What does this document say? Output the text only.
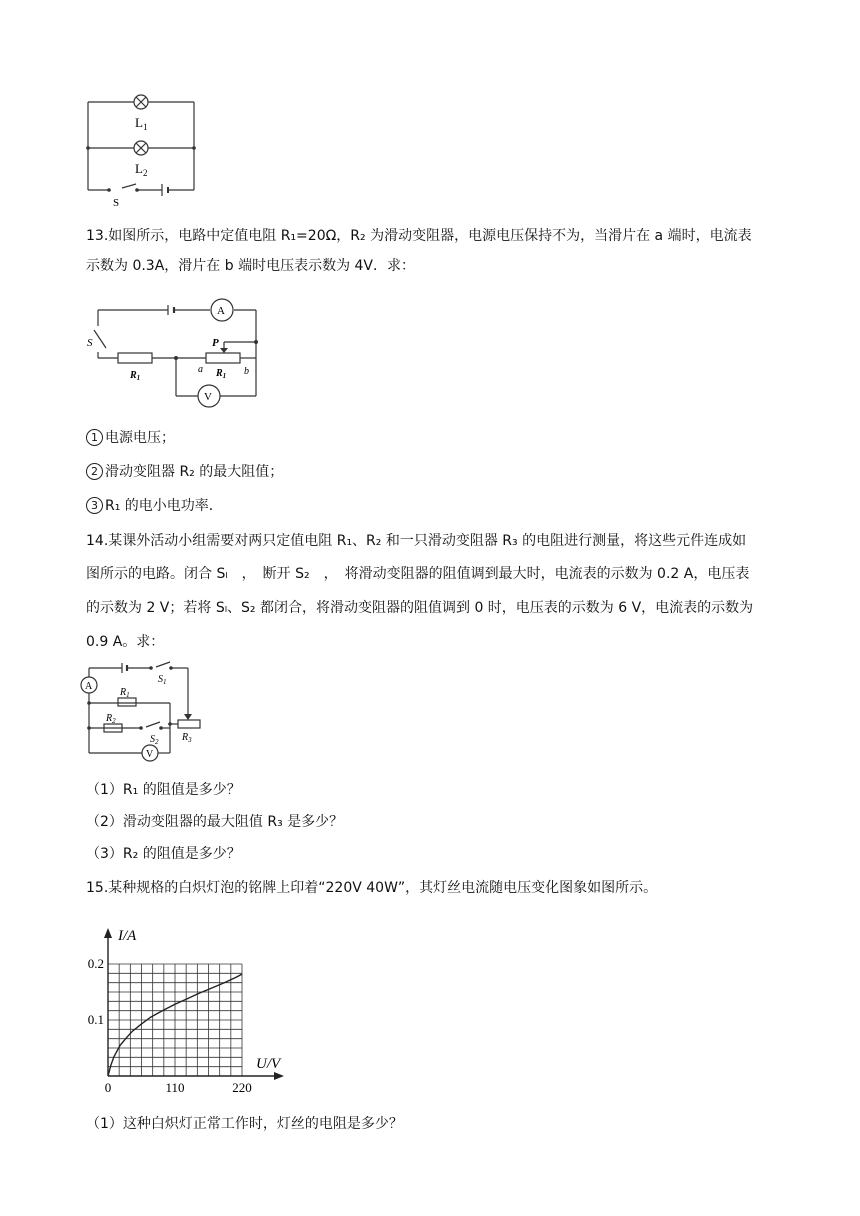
$L_1$
$L_2$
S
13.如图所示，电路中定值电阻 R₁=20Ω，R₂ 为滑动变阻器，电源电压保持不为，当滑片在 a 端时，电流表
示数为 0.3A，滑片在 b 端时电压表示数为 4V．求：
A
V
S	P
$R_1$	$R_1$
a	b
1 电源电压；
2 滑动变阻器 R₂ 的最大阻值；
3 R₁ 的电小电功率．
14.某课外活动小组需要对两只定值电阻 R₁、R₂ 和一只滑动变阻器 R₃ 的电阻进行测量，将这些元件连成如
图所示的电路。闭合 Sₗ　，　断开 S₂　，　将滑动变阻器的阻值调到最大时，电流表的示数为 0.2 A，电压表
的示数为 2 V；若将 Sₗ、S₂ 都闭合，将滑动变阻器的阻值调到 0 时，电压表的示数为 6 V，电流表的示数为
0.9 A。求：
A
V
$S_1$
$S_2$
$R_1$
$R_2$
$R_3$
（1）R₁ 的阻值是多少？
（2）滑动变阻器的最大阻值 R₃ 是多少？
（3）R₂ 的阻值是多少？
15.某种规格的白炽灯泡的铭牌上印着“220V 40W”，其灯丝电流随电压变化图象如图所示。
0	110	220
0.1
0.2
I/A
U/V
（1）这种白炽灯正常工作时，灯丝的电阻是多少？
